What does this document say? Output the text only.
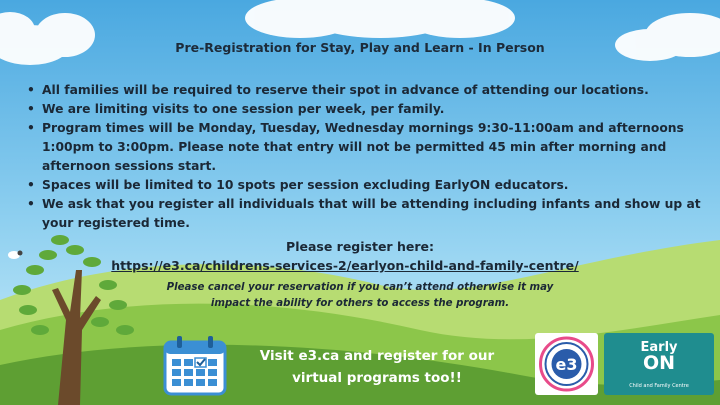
Pre-Registration for Stay, Play and Learn - In Person
• All families will be required to reserve their spot in advance of attending our locations.
• We are limiting visits to one session per week, per family.
• Program times will be Monday, Tuesday, Wednesday mornings 9:30-11:00am and afternoons 1:00pm to 3:00pm. Please note that entry will not be permitted 45 min after morning and afternoon sessions start.
• Spaces will be limited to 10 spots per session excluding EarlyON educators.
• We ask that you register all individuals that will be attending including infants and show up at your registered time.
Please register here:
https://e3.ca/childrens-services-2/earlyon-child-and-family-centre/
Please cancel your reservation if you can’t attend otherwise it may impact the ability for others to access the program.
Visit e3.ca and register for our
virtual programs too!!
e3
Early
ON
Child and Family Centre
